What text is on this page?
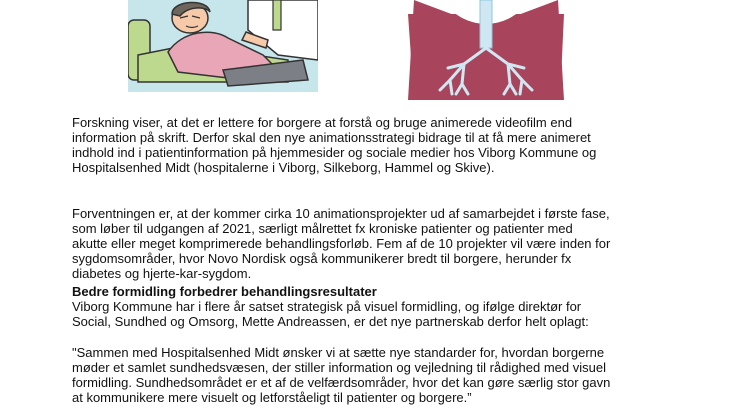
Forskning viser, at det er lettere for borgere at forstå og bruge animerede videofilm end
information på skrift. Derfor skal den nye animationsstrategi bidrage til at få mere animeret
indhold ind i patientinformation på hjemmesider og sociale medier hos Viborg Kommune og
Hospitalsenhed Midt (hospitalerne i Viborg, Silkeborg, Hammel og Skive).

Forventningen er, at der kommer cirka 10 animationsprojekter ud af samarbejdet i første fase,
som løber til udgangen af 2021, særligt målrettet fx kroniske patienter og patienter med
akutte eller meget komprimerede behandlingsforløb. Fem af de 10 projekter vil være inden for
sygdomsområder, hvor Novo Nordisk også kommunikerer bredt til borgere, herunder fx
diabetes og hjerte-kar-sygdom.

Bedre formidling forbedrer behandlingsresultater

Viborg Kommune har i flere år satset strategisk på visuel formidling, og ifølge direktør for
Social, Sundhed og Omsorg, Mette Andreassen, er det nye partnerskab derfor helt oplagt:

"Sammen med Hospitalsenhed Midt ønsker vi at sætte nye standarder for, hvordan borgerne
møder et samlet sundhedsvæsen, der stiller information og vejledning til rådighed med visuel
formidling. Sundhedsområdet er et af de velfærdsområder, hvor det kan gøre særlig stor gavn
at kommunikere mere visuelt og letforståeligt til patienter og borgere.”
